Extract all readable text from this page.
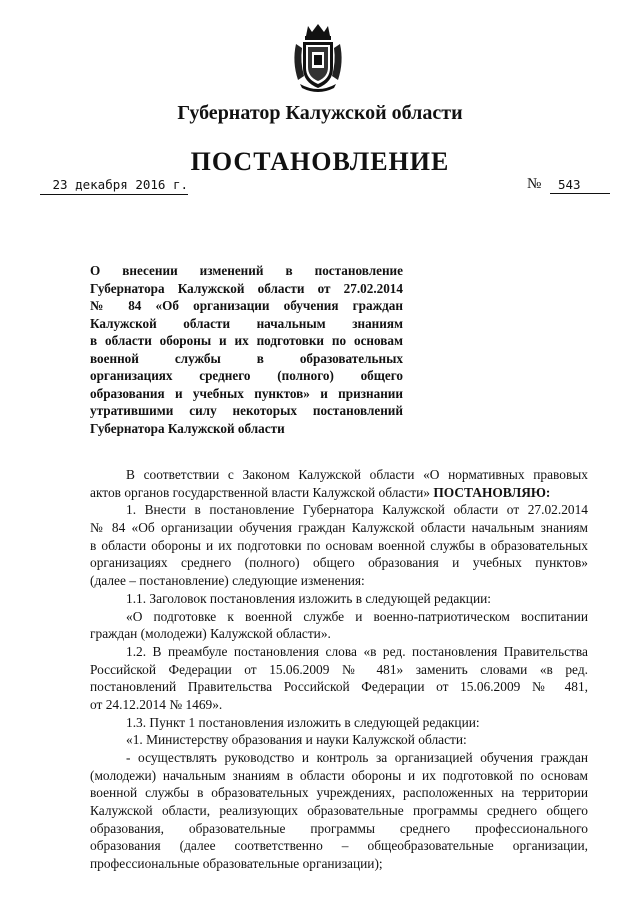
Губернатор Калужской области
ПОСТАНОВЛЕНИЕ
23 декабря 2016 г.	№	543
О внесении изменений в постановление
Губернатора Калужской области от 27.02.2014
№ 84 «Об организации обучения граждан
Калужской области начальным знаниям
в области обороны и их подготовки по основам
военной службы в образовательных
организациях среднего (полного) общего
образования и учебных пунктов» и признании
утратившими силу некоторых постановлений
Губернатора Калужской области
В соответствии с Законом Калужской области «О нормативных правовых
актов органов государственной власти Калужской области» ПОСТАНОВЛЯЮ:
1. Внести в постановление Губернатора Калужской области от 27.02.2014
№ 84 «Об организации обучения граждан Калужской области начальным знаниям
в области обороны и их подготовки по основам военной службы в образовательных
организациях среднего (полного) общего образования и учебных пунктов»
(далее – постановление) следующие изменения:
1.1. Заголовок постановления изложить в следующей редакции:
«О подготовке к военной службе и военно-патриотическом воспитании
граждан (молодежи) Калужской области».
1.2. В преамбуле постановления слова «в ред. постановления Правительства
Российской Федерации от 15.06.2009 № 481» заменить словами «в ред.
постановлений Правительства Российской Федерации от 15.06.2009 № 481,
от 24.12.2014 № 1469».
1.3. Пункт 1 постановления изложить в следующей редакции:
«1. Министерству образования и науки Калужской области:
- осуществлять руководство и контроль за организацией обучения граждан
(молодежи) начальным знаниям в области обороны и их подготовкой по основам
военной службы в образовательных учреждениях, расположенных на территории
Калужской области, реализующих образовательные программы среднего общего
образования, образовательные программы среднего профессионального
образования (далее соответственно – общеобразовательные организации,
профессиональные образовательные организации);
